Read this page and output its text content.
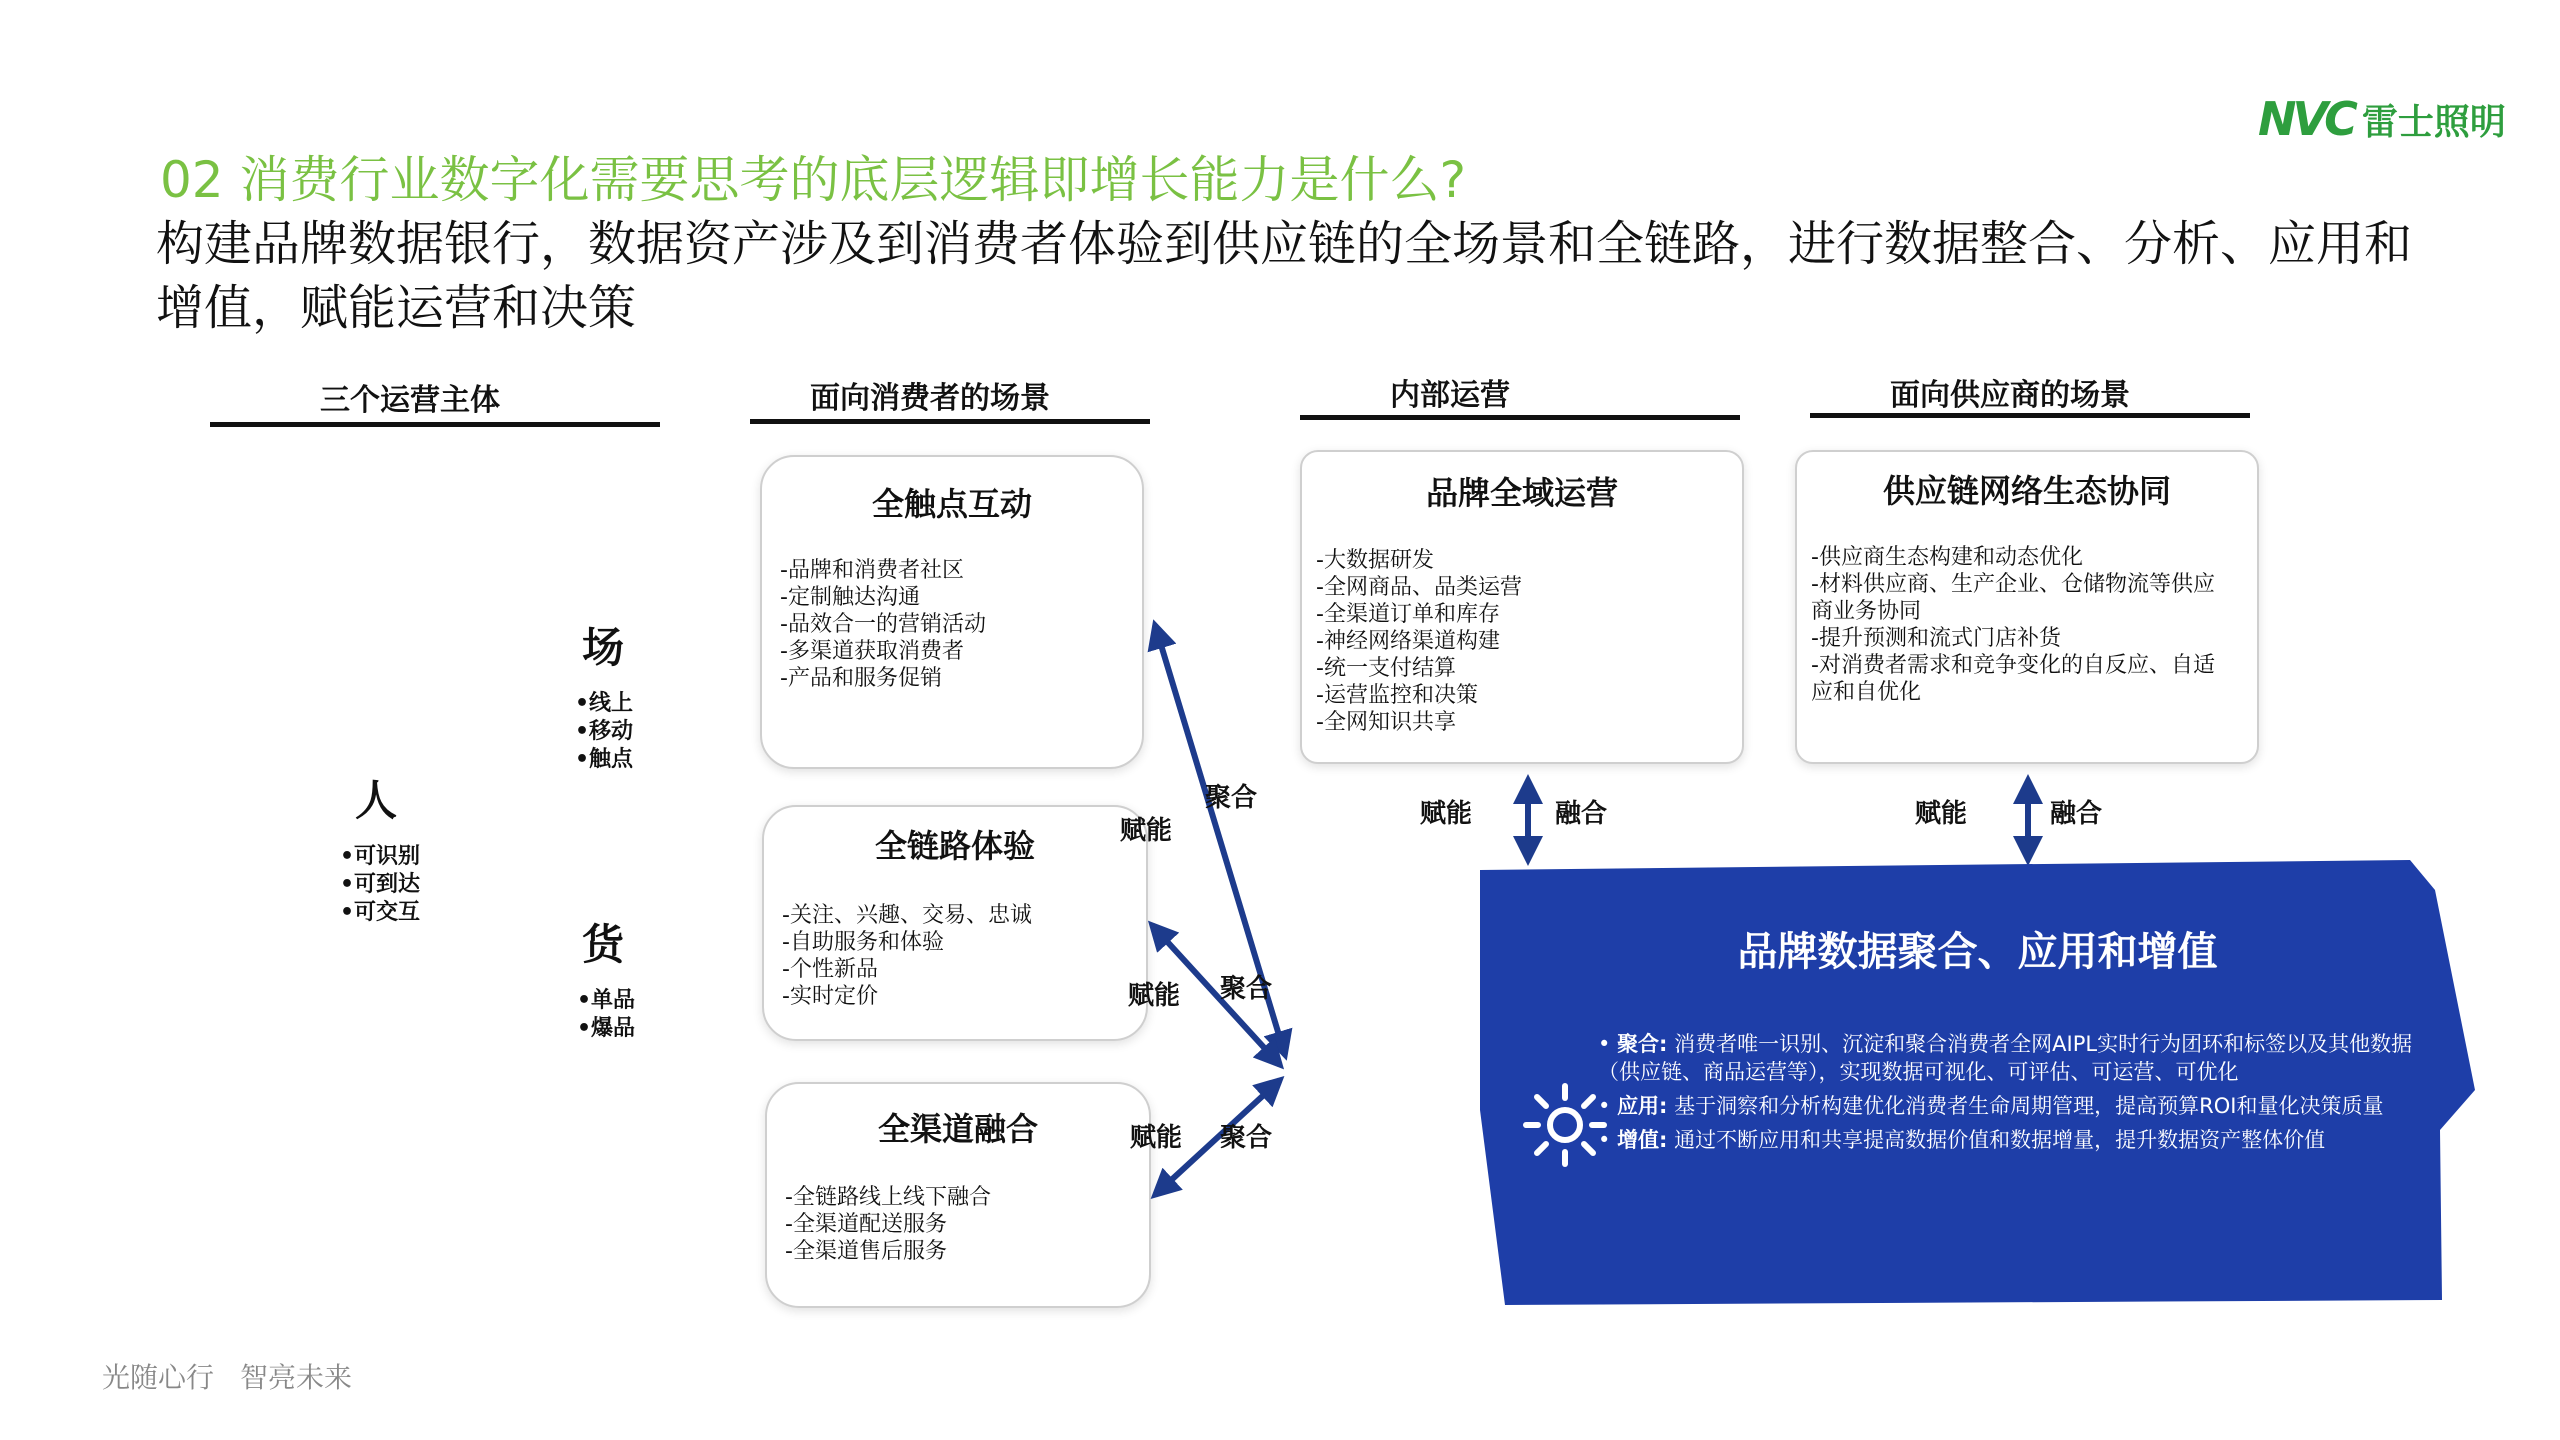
02 消费行业数字化需要思考的底层逻辑即增长能力是什么?
构建品牌数据银行，数据资产涉及到消费者体验到供应链的全场景和全链路，进行数据整合、分析、应用和增值，赋能运营和决策
NVC 雷士照明
三个运营主体	面向消费者的场景	内部运营	面向供应商的场景
人
•可识别
•可到达
•可交互
场
•线上
•移动
•触点
货
•单品
•爆品
全触点互动
-品牌和消费者社区
-定制触达沟通
-品效合一的营销活动
-多渠道获取消费者
-产品和服务促销
全链路体验
-关注、兴趣、交易、忠诚
-自助服务和体验
-个性新品
-实时定价
全渠道融合
-全链路线上线下融合
-全渠道配送服务
-全渠道售后服务
品牌全域运营
-大数据研发
-全网商品、品类运营
-全渠道订单和库存
-神经网络渠道构建
-统一支付结算
-运营监控和决策
-全网知识共享
供应链网络生态协同
-供应商生态构建和动态优化
-材料供应商、生产企业、仓储物流等供应
商业务协同
-提升预测和流式门店补货
-对消费者需求和竞争变化的自反应、自适
应和自优化
赋能
聚合
赋能 聚合
赋能 聚合
赋能	融合	赋能	融合
品牌数据聚合、应用和增值
• 聚合: 消费者唯一识别、沉淀和聚合消费者全网AIPL实时行为团环和标签以及其他数据（供应链、商品运营等），实现数据可视化、可评估、可运营、可优化
• 应用: 基于洞察和分析构建优化消费者生命周期管理，提高预算ROI和量化决策质量
• 增值: 通过不断应用和共享提高数据价值和数据增量，提升数据资产整体价值
光随心行 智亮未来
